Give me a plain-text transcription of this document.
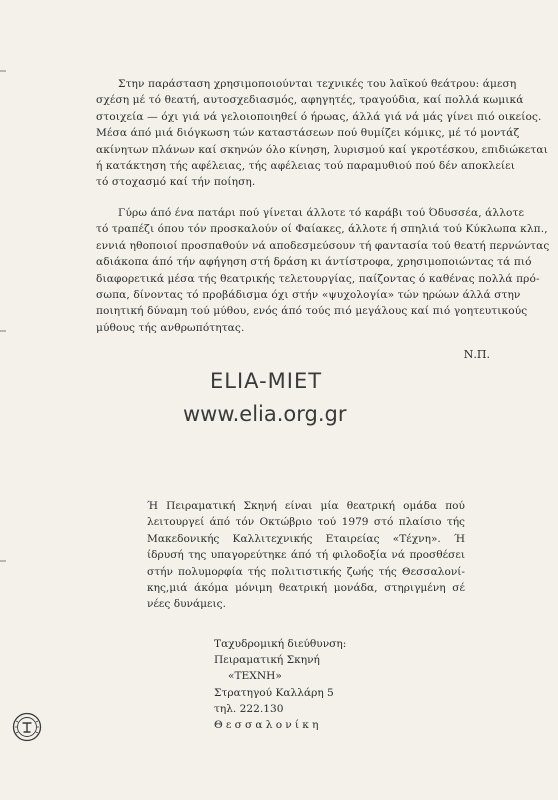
Στην παράσταση χρησιμοποιούνται τεχνικές του λαϊκού θεάτρου: άμεση
σχέση μέ τό θεατή, αυτοσχεδιασμός, αφηγητές, τραγούδια, καί πολλά κωμικά
στοιχεία — όχι γιά νά γελοιοποιηθεί ό ήρωας, άλλά γιά νά μάς γίνει πιό οικείος.
Μέσα άπό μιά διόγκωση τών καταστάσεων πού θυμίζει κόμικς, μέ τό μοντάζ
ακίνητων πλάνων καί σκηνών όλο κίνηση, λυρισμού καί γκροτέσκου, επιδιώκεται
ή κατάκτηση τής αφέλειας, τής αφέλειας τού παραμυθιού πού δέν αποκλείει
τό στοχασμό καί τήν ποίηση.
Γύρω άπό ένα πατάρι πού γίνεται άλλοτε τό καράβι τού Όδυσσέα, άλλοτε
τό τραπέζι όπου τόν προσκαλούν οί Φαίακες, άλλοτε ή σπηλιά τού Κύκλωπα κλπ.,
εννιά ηθοποιοί προσπαθούν νά αποδεσμεύσουν τή φαντασία τού θεατή περνώντας
αδιάκοπα άπό τήν αφήγηση στή δράση κι άντίστροφα, χρησιμοποιώντας τά πιό
διαφορετικά μέσα τής θεατρικής τελετουργίας, παίζοντας ό καθένας πολλά πρό-
σωπα, δίνοντας τό προβάδισμα όχι στήν «ψυχολογία» τών ηρώων άλλά στην
ποιητική δύναμη τού μύθου, ενός άπό τούς πιό μεγάλους καί πιό γοητευτικούς
μύθους τής ανθρωπότητας.
Ν.Π.
ELIA-MIET
www.elia.org.gr
Ή Πειραματική Σκηνή είναι μία θεατρική ομάδα πού
λειτουργεί άπό τόν Οκτώβριο τού 1979 στό πλαίσιο τής
Μακεδονικής Καλλιτεχνικής Εταιρείας «Τέχνη». Ή
ίδρυσή της υπαγορεύτηκε άπό τή φιλοδοξία νά προσθέσει
στήν πολυμορφία τής πολιτιστικής ζωής τής Θεσσαλονί-
κης,μιά άκόμα μόνιμη θεατρική μονάδα, στηριγμένη σέ
νέες δυνάμεις.
Ταχυδρομική διεύθυνση:
Πειραματική Σκηνή
«ΤΕΧΝΗ»
Στρατηγού Καλλάρη 5
τηλ. 222.130
Θεσσαλονίκη
